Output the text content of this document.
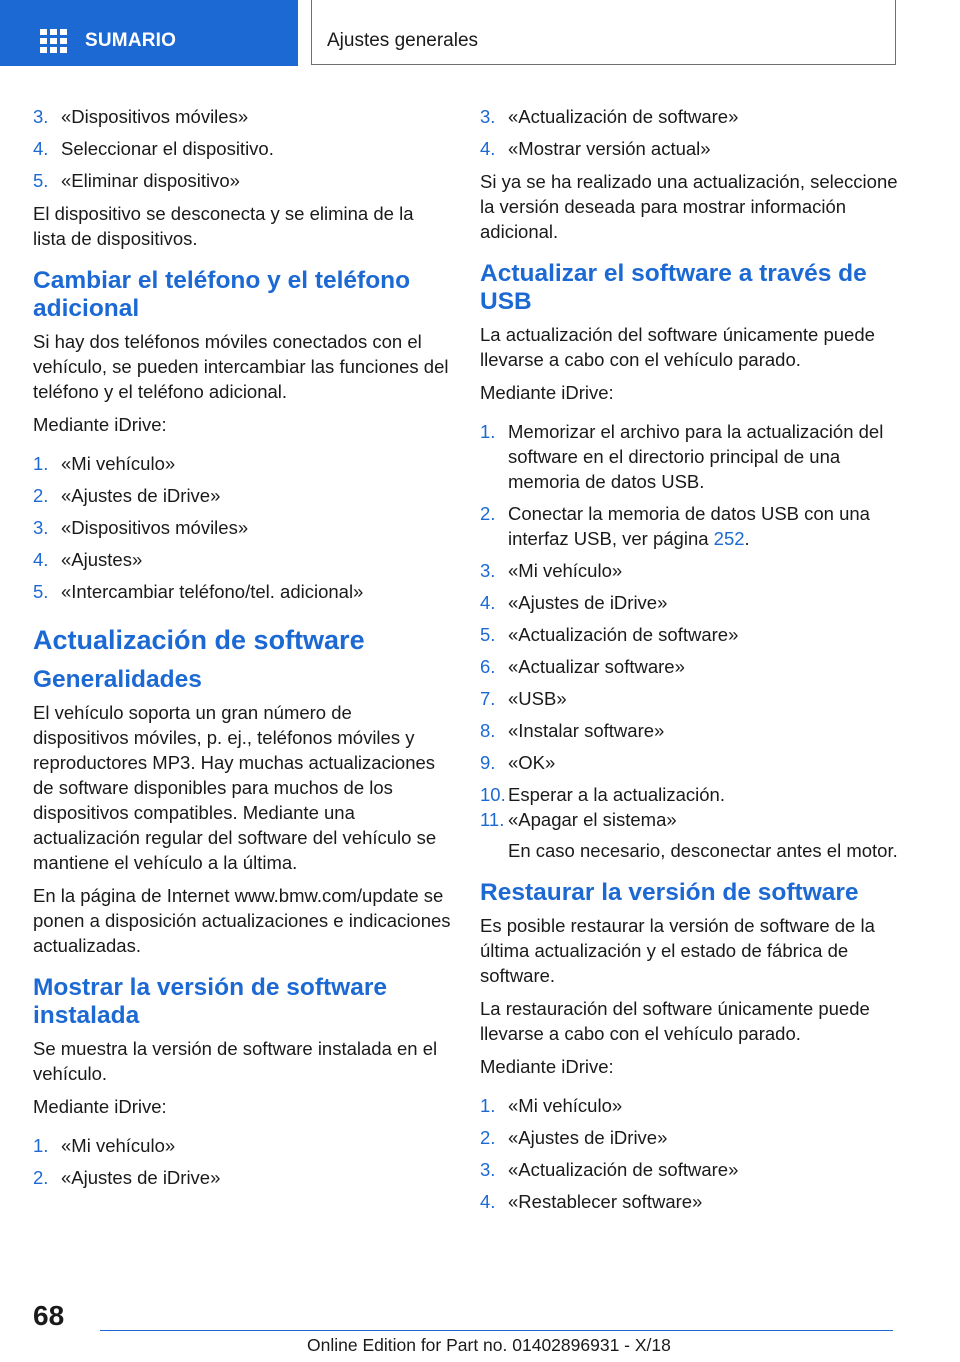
SUMARIO	Ajustes generales
3. «Dispositivos móviles»
4. Seleccionar el dispositivo.
5. «Eliminar dispositivo»

El dispositivo se desconecta y se elimina de la lista de dispositivos.

Cambiar el teléfono y el teléfono adicional

Si hay dos teléfonos móviles conectados con el vehículo, se pueden intercambiar las funciones del teléfono y el teléfono adicional.

Mediante iDrive:

1. «Mi vehículo»
2. «Ajustes de iDrive»
3. «Dispositivos móviles»
4. «Ajustes»
5. «Intercambiar teléfono/tel. adicional»
Actualización de software
Generalidades

El vehículo soporta un gran número de dispositivos móviles, p. ej., teléfonos móviles y reproductores MP3. Hay muchas actualizaciones de software disponibles para muchos de los dispositivos compatibles. Mediante una actualización regular del software del vehículo se mantiene el vehículo a la última.

En la página de Internet www.bmw.com/update se ponen a disposición actualizaciones e indicaciones actualizadas.

Mostrar la versión de software instalada

Se muestra la versión de software instalada en el vehículo.

Mediante iDrive:

1. «Mi vehículo»
2. «Ajustes de iDrive»
3. «Actualización de software»
4. «Mostrar versión actual»

Si ya se ha realizado una actualización, seleccione la versión deseada para mostrar información adicional.

Actualizar el software a través de USB

La actualización del software únicamente puede llevarse a cabo con el vehículo parado.

Mediante iDrive:

1. Memorizar el archivo para la actualización del software en el directorio principal de una memoria de datos USB.
2. Conectar la memoria de datos USB con una interfaz USB, ver página 252.
3. «Mi vehículo»
4. «Ajustes de iDrive»
5. «Actualización de software»
6. «Actualizar software»
7. «USB»
8. «Instalar software»
9. «OK»
10. Esperar a la actualización.
11. «Apagar el sistema»
En caso necesario, desconectar antes el motor.
Restaurar la versión de software

Es posible restaurar la versión de software de la última actualización y el estado de fábrica de software.

La restauración del software únicamente puede llevarse a cabo con el vehículo parado.

Mediante iDrive:

1. «Mi vehículo»
2. «Ajustes de iDrive»
3. «Actualización de software»
4. «Restablecer software»
68
Online Edition for Part no. 01402896931 - X/18
